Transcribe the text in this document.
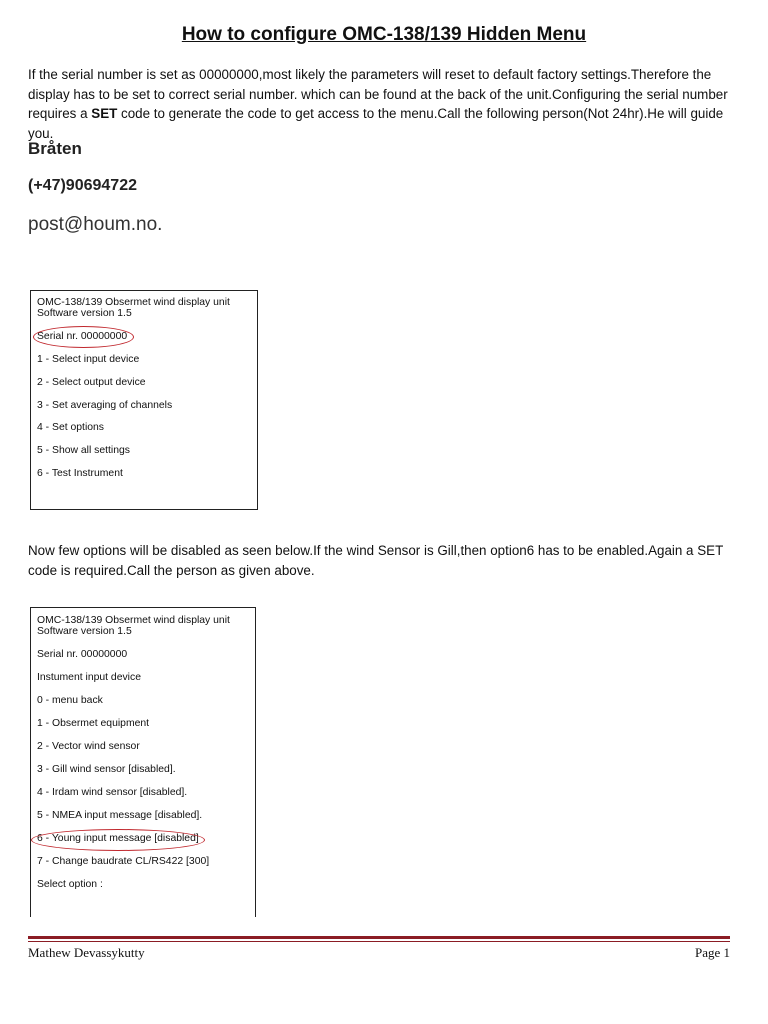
How to configure OMC-138/139 Hidden Menu
If the serial number is set as 00000000,most likely the parameters will reset to default factory settings.Therefore the display has to be set to correct serial number. which can be found at the back of the unit.Configuring the serial number requires a SET code to generate the code to get access to the menu.Call the following person(Not 24hr).He will guide you.
Bråten
(+47)90694722
post@houm.no.
OMC-138/139 Obsermet wind display unit
Software version 1.5
Serial nr. 00000000
1 - Select input device
2 - Select output device
3 - Set averaging of channels
4 - Set options
5 - Show all settings
6 - Test Instrument
Now few options will be disabled as seen below.If the wind Sensor is Gill,then option6 has to be enabled.Again a SET code is required.Call the person as given above.
OMC-138/139 Obsermet wind display unit
Software version 1.5
Serial nr. 00000000
Instument input device
0 - menu back
1 - Obsermet equipment
2 - Vector wind sensor
3 - Gill wind sensor [disabled].
4 - Irdam wind sensor [disabled].
5 - NMEA input message [disabled].
6 - Young input message [disabled]
7 - Change baudrate CL/RS422 [300]
Select option :
Mathew Devassykutty	Page 1
